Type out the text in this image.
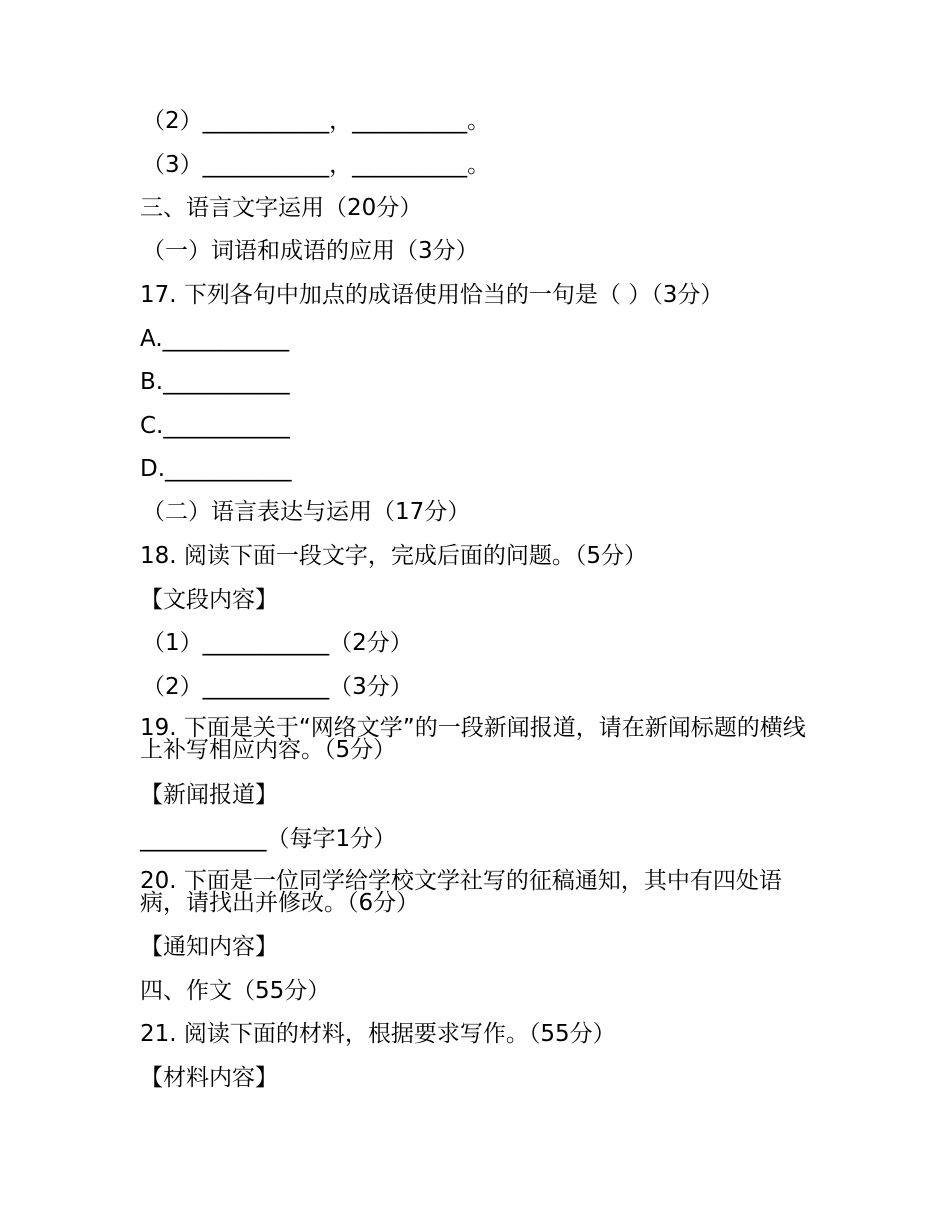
（2）___________，__________。

（3）___________，__________。

三、语言文字运用（20分）

（一）词语和成语的应用（3分）

17. 下列各句中加点的成语使用恰当的一句是（ ）（3分）

A.___________

B.___________

C.___________

D.___________

（二）语言表达与运用（17分）

18. 阅读下面一段文字，完成后面的问题。（5分）

【文段内容】

（1）___________（2分）

（2）___________（3分）

19. 下面是关于“网络文学”的一段新闻报道，请在新闻标题的横线上补写相应内容。（5分）

【新闻报道】

___________（每字1分）

20. 下面是一位同学给学校文学社写的征稿通知，其中有四处语病，请找出并修改。（6分）

【通知内容】

四、作文（55分）

21. 阅读下面的材料，根据要求写作。（55分）

【材料内容】
